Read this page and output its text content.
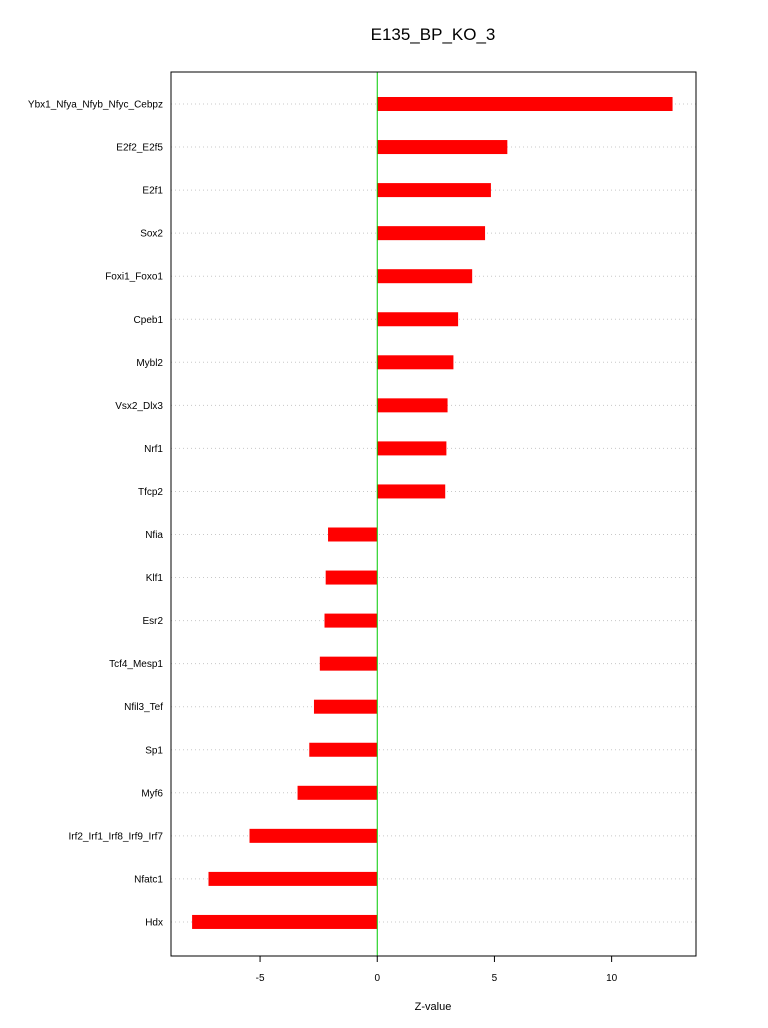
E135_BP_KO_3
Ybx1_Nfya_Nfyb_Nfyc_Cebpz
E2f2_E2f5
E2f1
Sox2
Foxi1_Foxo1
Cpeb1
Mybl2
Vsx2_Dlx3
Nrf1
Tfcp2
Nfia
Klf1
Esr2
Tcf4_Mesp1
Nfil3_Tef
Sp1
Myf6
Irf2_Irf1_Irf8_Irf9_Irf7
Nfatc1
Hdx
-5	0	5	10
Z-value
